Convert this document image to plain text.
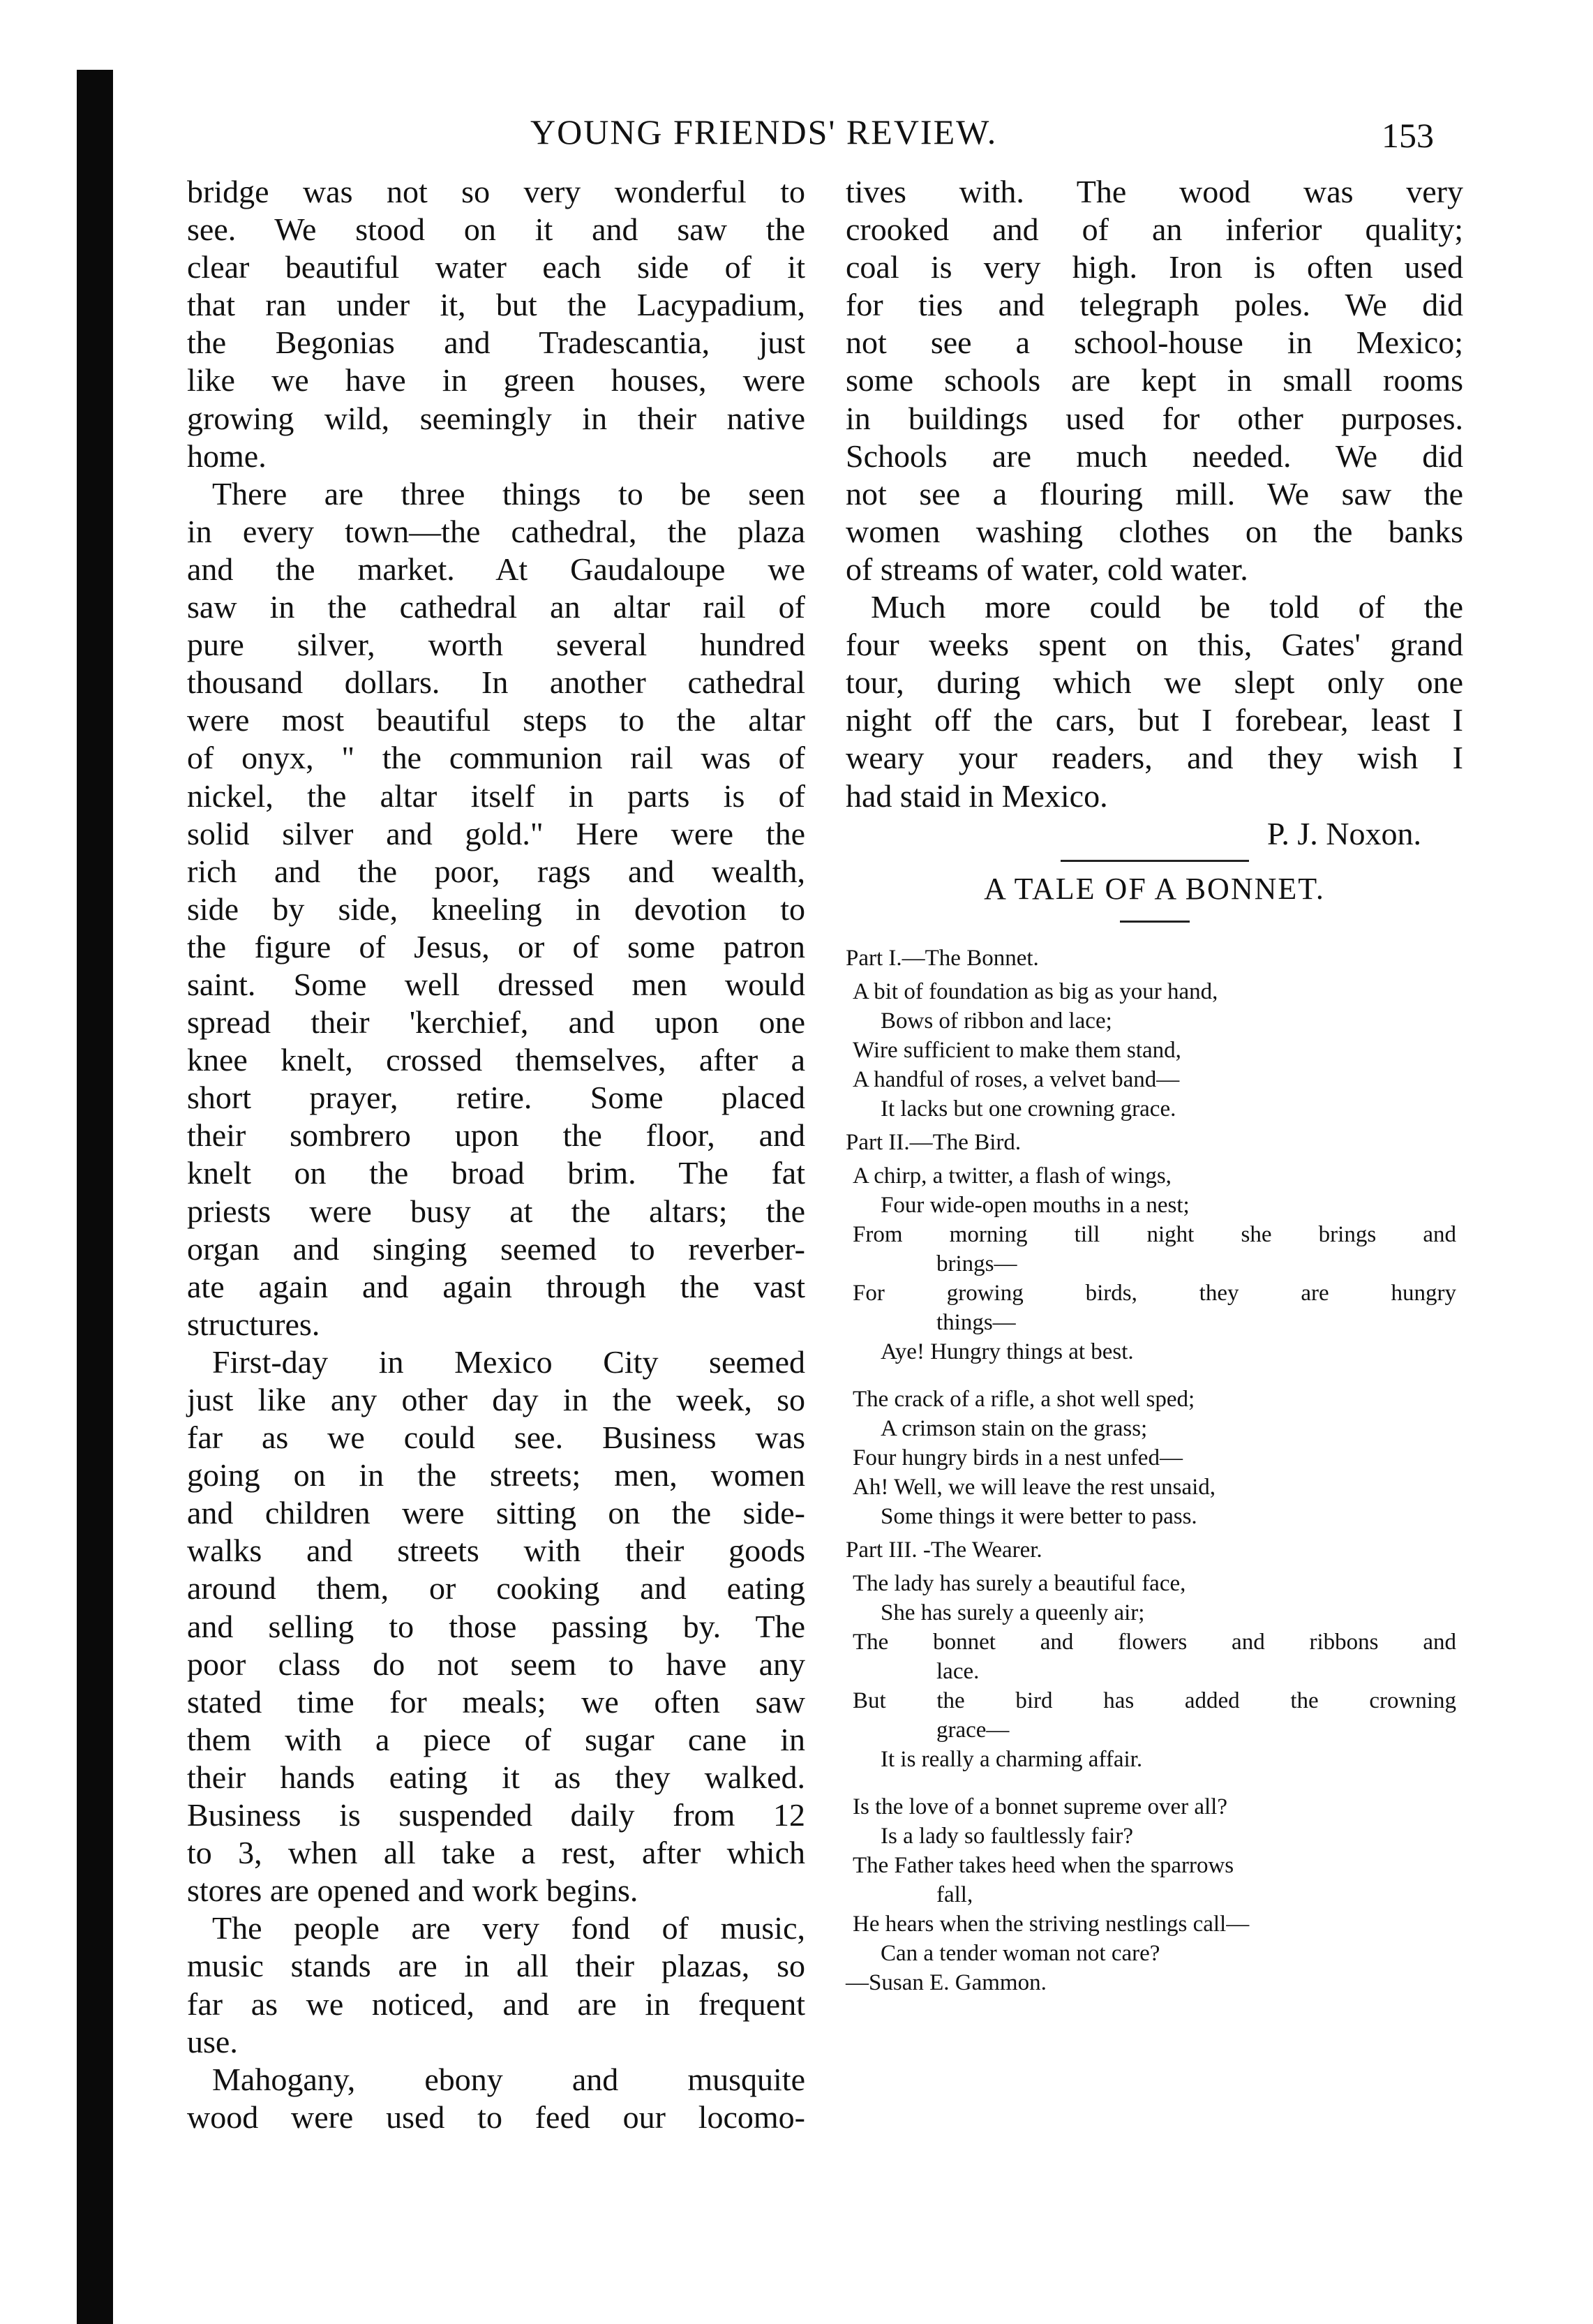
YOUNG FRIENDS' REVIEW.	153
bridge was not so very wonderful to
see. We stood on it and saw the
clear beautiful water each side of it
that ran under it, but the Lacypadium,
the Begonias and Tradescantia, just
like we have in green houses, were
growing wild, seemingly in their native
home.
There are three things to be seen
in every town—the cathedral, the plaza
and the market. At Gaudaloupe we
saw in the cathedral an altar rail of
pure silver, worth several hundred
thousand dollars. In another cathedral
were most beautiful steps to the altar
of onyx, " the communion rail was of
nickel, the altar itself in parts is of
solid silver and gold." Here were the
rich and the poor, rags and wealth,
side by side, kneeling in devotion to
the figure of Jesus, or of some patron
saint. Some well dressed men would
spread their 'kerchief, and upon one
knee knelt, crossed themselves, after a
short prayer, retire. Some placed
their sombrero upon the floor, and
knelt on the broad brim. The fat
priests were busy at the altars; the
organ and singing seemed to reverber-
ate again and again through the vast
structures.
First-day in Mexico City seemed
just like any other day in the week, so
far as we could see. Business was
going on in the streets; men, women
and children were sitting on the side-
walks and streets with their goods
around them, or cooking and eating
and selling to those passing by. The
poor class do not seem to have any
stated time for meals; we often saw
them with a piece of sugar cane in
their hands eating it as they walked.
Business is suspended daily from 12
to 3, when all take a rest, after which
stores are opened and work begins.
The people are very fond of music,
music stands are in all their plazas, so
far as we noticed, and are in frequent
use.
Mahogany, ebony and musquite
wood were used to feed our locomo-
tives with. The wood was very
crooked and of an inferior quality;
coal is very high. Iron is often used
for ties and telegraph poles. We did
not see a school-house in Mexico;
some schools are kept in small rooms
in buildings used for other purposes.
Schools are much needed. We did
not see a flouring mill. We saw the
women washing clothes on the banks
of streams of water, cold water.
Much more could be told of the
four weeks spent on this, Gates' grand
tour, during which we slept only one
night off the cars, but I forebear, least I
weary your readers, and they wish I
had staid in Mexico.
P. J. Noxon.
A TALE OF A BONNET.
Part I.—The Bonnet.
A bit of foundation as big as your hand,
Bows of ribbon and lace;
Wire sufficient to make them stand,
A handful of roses, a velvet band—
It lacks but one crowning grace.
Part II.—The Bird.
A chirp, a twitter, a flash of wings,
Four wide-open mouths in a nest;
From morning till night she brings and
brings—
For growing birds, they are hungry
things—
Aye! Hungry things at best.
The crack of a rifle, a shot well sped;
A crimson stain on the grass;
Four hungry birds in a nest unfed—
Ah! Well, we will leave the rest unsaid,
Some things it were better to pass.
Part III. -The Wearer.
The lady has surely a beautiful face,
She has surely a queenly air;
The bonnet and flowers and ribbons and
lace.
But the bird has added the crowning
grace—
It is really a charming affair.
Is the love of a bonnet supreme over all?
Is a lady so faultlessly fair?
The Father takes heed when the sparrows
fall,
He hears when the striving nestlings call—
Can a tender woman not care?
—Susan E. Gammon.
